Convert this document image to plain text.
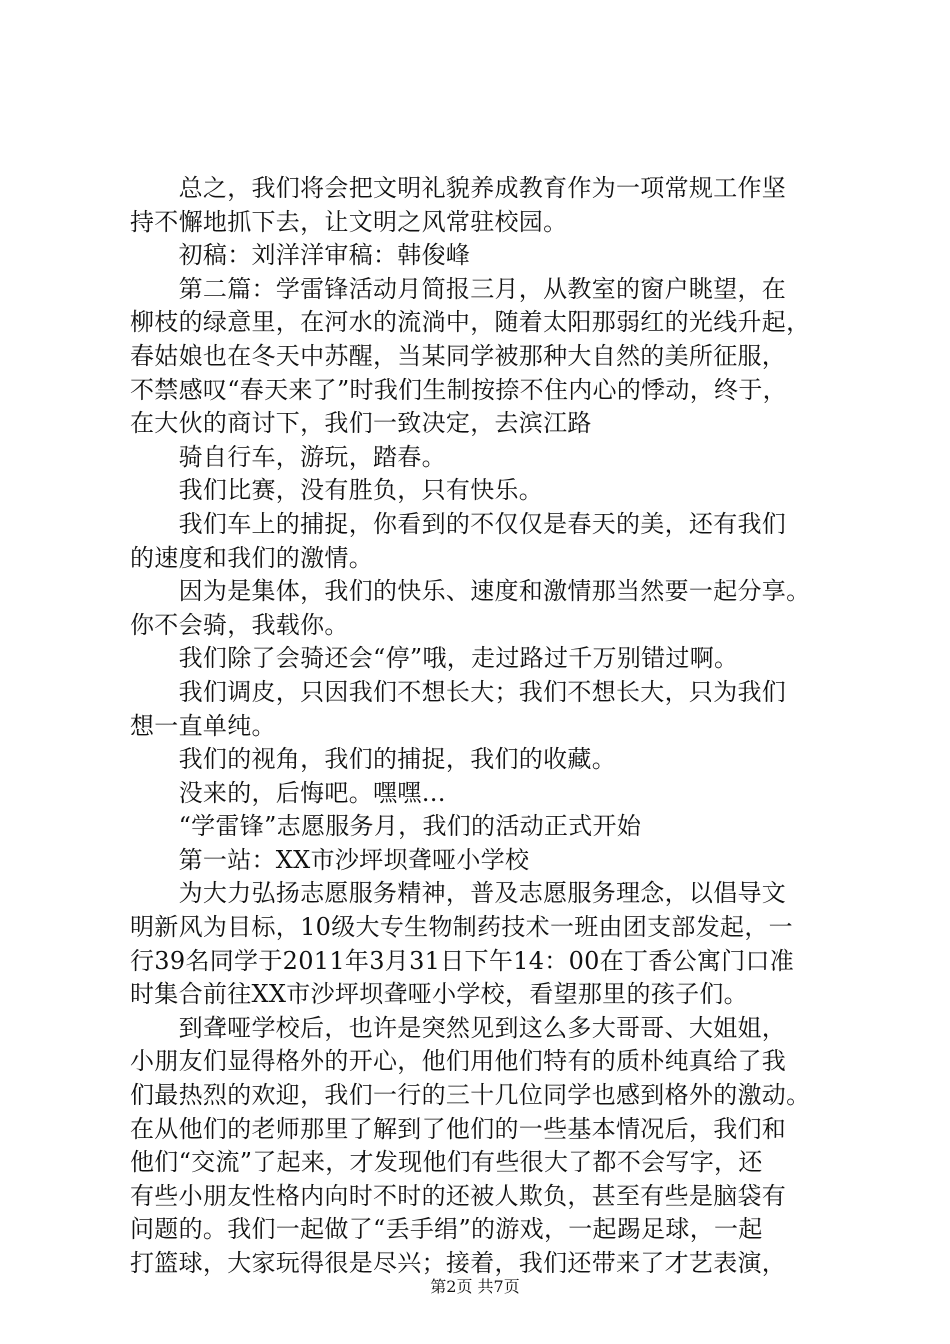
　　总之，我们将会把文明礼貌养成教育作为一项常规工作坚
持不懈地抓下去，让文明之风常驻校园。
　　初稿：刘洋洋审稿：韩俊峰
　　第二篇：学雷锋活动月简报三月，从教室的窗户眺望，在
柳枝的绿意里，在河水的流淌中，随着太阳那弱红的光线升起，
春姑娘也在冬天中苏醒，当某同学被那种大自然的美所征服，
不禁感叹“春天来了”时我们生制按捺不住内心的悸动，终于，
在大伙的商讨下，我们一致决定，去滨江路
　　骑自行车，游玩，踏春。
　　我们比赛，没有胜负，只有快乐。
　　我们车上的捕捉，你看到的不仅仅是春天的美，还有我们
的速度和我们的激情。
　　因为是集体，我们的快乐、速度和激情那当然要一起分享。
你不会骑，我载你。
　　我们除了会骑还会“停”哦，走过路过千万别错过啊。
　　我们调皮，只因我们不想长大；我们不想长大，只为我们
想一直单纯。
　　我们的视角，我们的捕捉，我们的收藏。
　　没来的，后悔吧。嘿嘿…
　　“学雷锋”志愿服务月，我们的活动正式开始
　　第一站：XX市沙坪坝聋哑小学校
　　为大力弘扬志愿服务精神，普及志愿服务理念，以倡导文
明新风为目标，10级大专生物制药技术一班由团支部发起，一
行39名同学于2011年3月31日下午14：00在丁香公寓门口准
时集合前往XX市沙坪坝聋哑小学校，看望那里的孩子们。
　　到聋哑学校后，也许是突然见到这么多大哥哥、大姐姐，
小朋友们显得格外的开心，他们用他们特有的质朴纯真给了我
们最热烈的欢迎，我们一行的三十几位同学也感到格外的激动。
在从他们的老师那里了解到了他们的一些基本情况后，我们和
他们“交流”了起来，才发现他们有些很大了都不会写字，还
有些小朋友性格内向时不时的还被人欺负，甚至有些是脑袋有
问题的。我们一起做了“丢手绢”的游戏，一起踢足球，一起
打篮球，大家玩得很是尽兴；接着，我们还带来了才艺表演，
第2页 共7页
